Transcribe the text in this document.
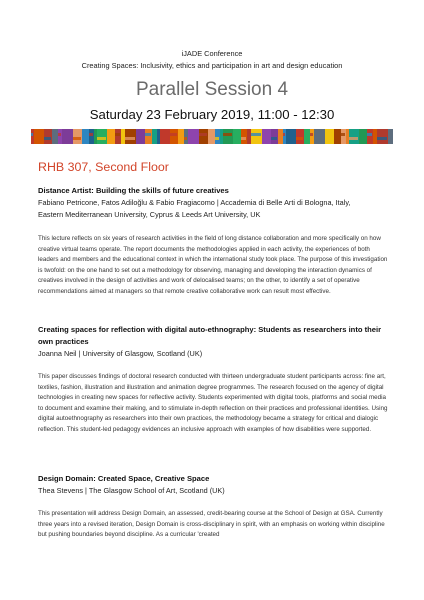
iJADE Conference
Creating Spaces: Inclusivity, ethics and participation in art and design education
Parallel Session 4
Saturday 23 February 2019, 11:00 - 12:30
RHB 307, Second Floor
Distance Artist: Building the skills of future creatives
Fabiano Petricone, Fatos Adiloğlu & Fabio Fragiacomo | Accademia di Belle Arti di Bologna, Italy,
Eastern Mediterranean University, Cyprus & Leeds Art University, UK

This lecture reflects on six years of research activities in the field of long distance collaboration and more specifically on how creative virtual teams operate. The report documents the methodologies applied in each activity, the experiences of both leaders and members and the educational context in which the international study took place. The purpose of this investigation is twofold: on the one hand to set out a methodology for observing, managing and developing the interaction dynamics of creatives involved in the design of activities and work of delocalised teams; on the other, to identify a set of operative recommendations aimed at managers so that remote creative collaborative work can result most effective.

Creating spaces for reflection with digital auto-ethnography: Students as researchers into their
own practices
Joanna Neil | University of Glasgow, Scotland (UK)

This paper discusses findings of doctoral research conducted with thirteen undergraduate student participants across: fine art, textiles, fashion, illustration and illustration and animation degree programmes. The research focused on the agency of digital technologies in creating new spaces for reflective activity. Students experimented with digital tools, platforms and social media to document and examine their making, and to stimulate in-depth reflection on their practices and professional identities. Using digital autoethnography as researchers into their own practices, the methodology became a strategy for critical and dialogic reflection. This student-led pedagogy evidences an inclusive approach with examples of how disabilities were supported.

Design Domain: Created Space, Creative Space
Thea Stevens | The Glasgow School of Art, Scotland (UK)

This presentation will address Design Domain, an assessed, credit-bearing course at the School of Design at GSA. Currently three years into a revised iteration, Design Domain is cross-disciplinary in spirit, with an emphasis on working within discipline but pushing boundaries beyond discipline. As a curricular 'created
